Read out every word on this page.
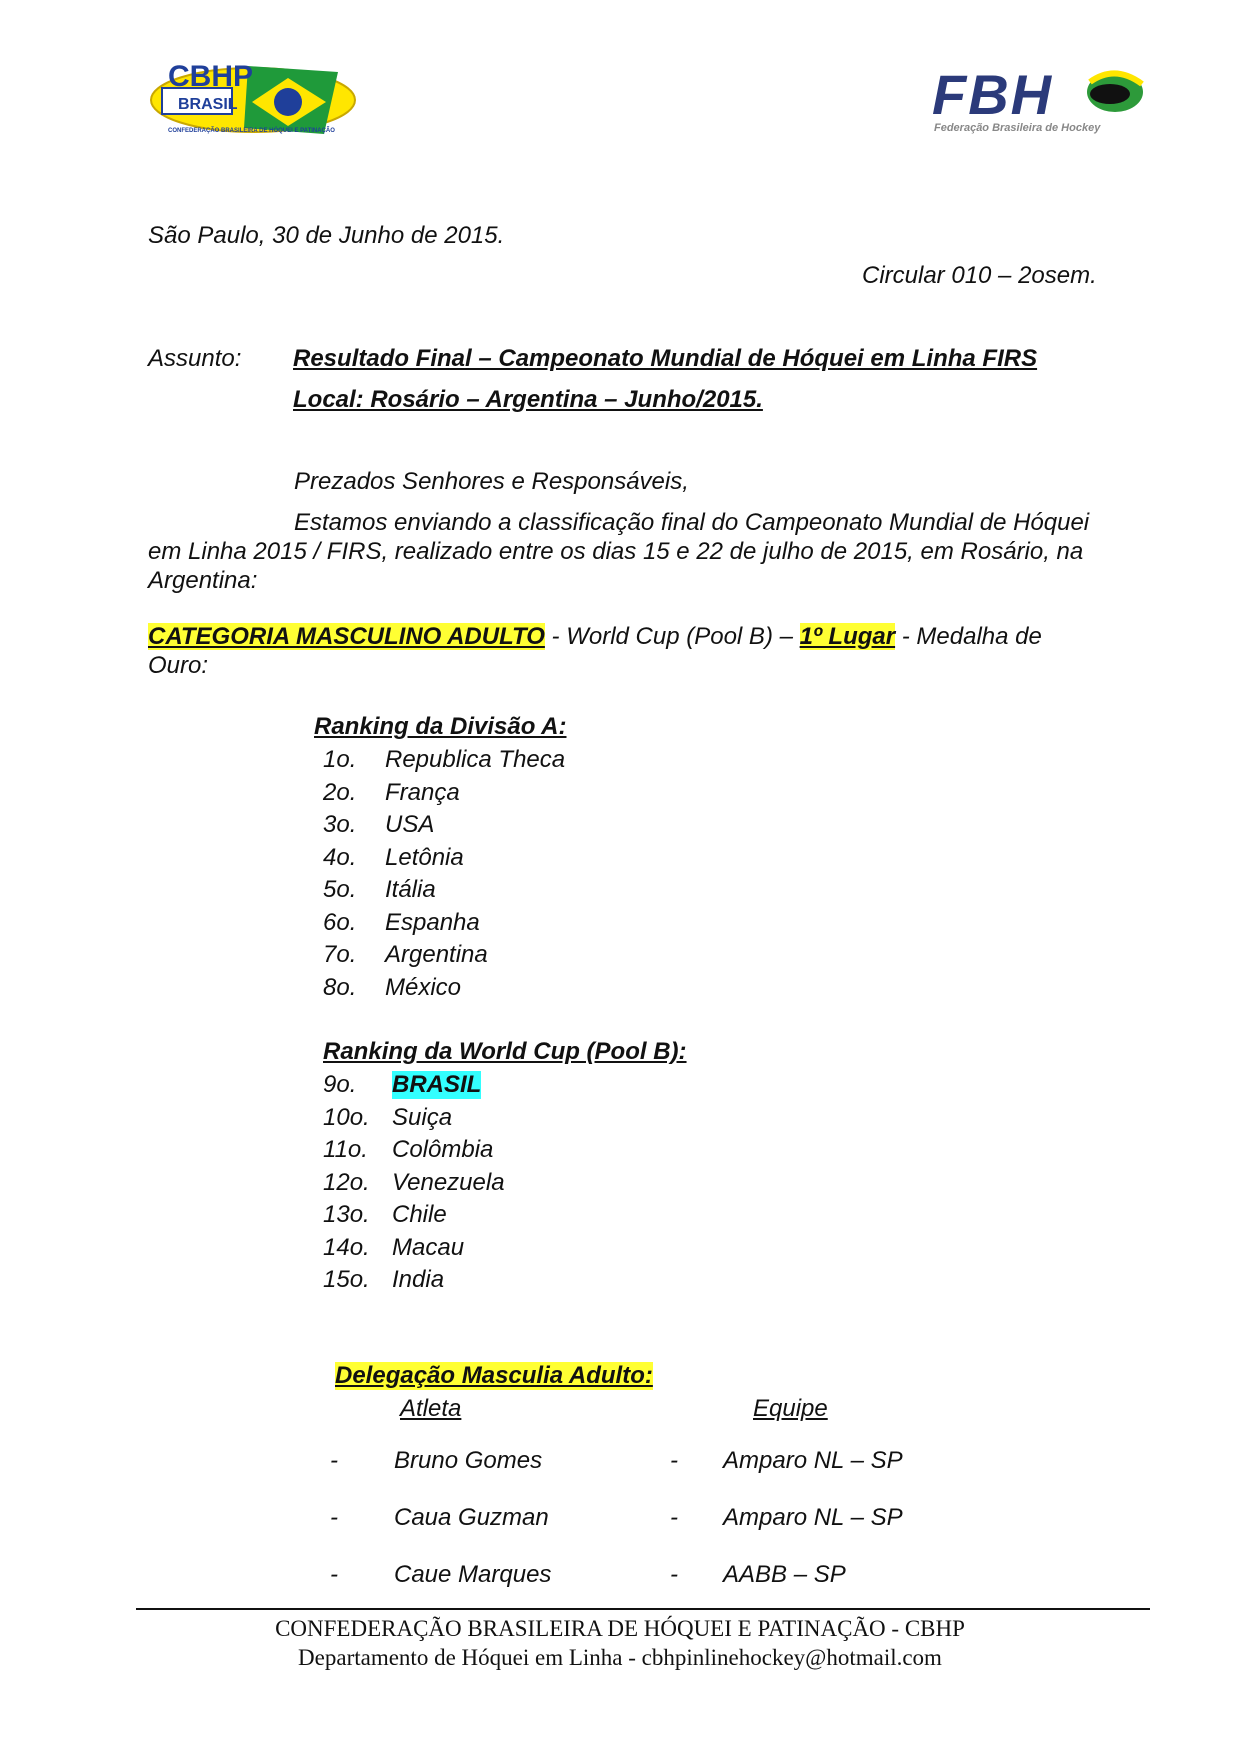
CBHP
BRASIL
CONFEDERAÇÃO BRASILEIRA DE HÓQUEI E PATINAÇÃO
FBH
Federação Brasileira de Hockey
São Paulo, 30 de Junho de 2015.
Circular 010 – 2osem.
Assunto: Resultado Final – Campeonato Mundial de Hóquei em Linha FIRS
Local: Rosário – Argentina – Junho/2015.
Prezados Senhores e Responsáveis,
Estamos enviando a classificação final do Campeonato Mundial de Hóquei
em Linha 2015 / FIRS, realizado entre os dias 15 e 22 de julho de 2015, em Rosário, na
Argentina:
CATEGORIA MASCULINO ADULTO - World Cup (Pool B) – 1º Lugar - Medalha de
Ouro:
Ranking da Divisão A:
1o. Republica Theca
2o. França
3o. USA
4o. Letônia
5o. Itália
6o. Espanha
7o. Argentina
8o. México
Ranking da World Cup (Pool B):
9o. BRASIL
10o. Suiça
11o. Colômbia
12o. Venezuela
13o. Chile
14o. Macau
15o. India
Delegação Masculia Adulto:
Atleta	Equipe
- Bruno Gomes	- Amparo NL – SP
- Caua Guzman	- Amparo NL – SP
- Caue Marques	- AABB – SP
CONFEDERAÇÃO BRASILEIRA DE HÓQUEI E PATINAÇÃO - CBHP
Departamento de Hóquei em Linha - cbhpinlinehockey@hotmail.com
